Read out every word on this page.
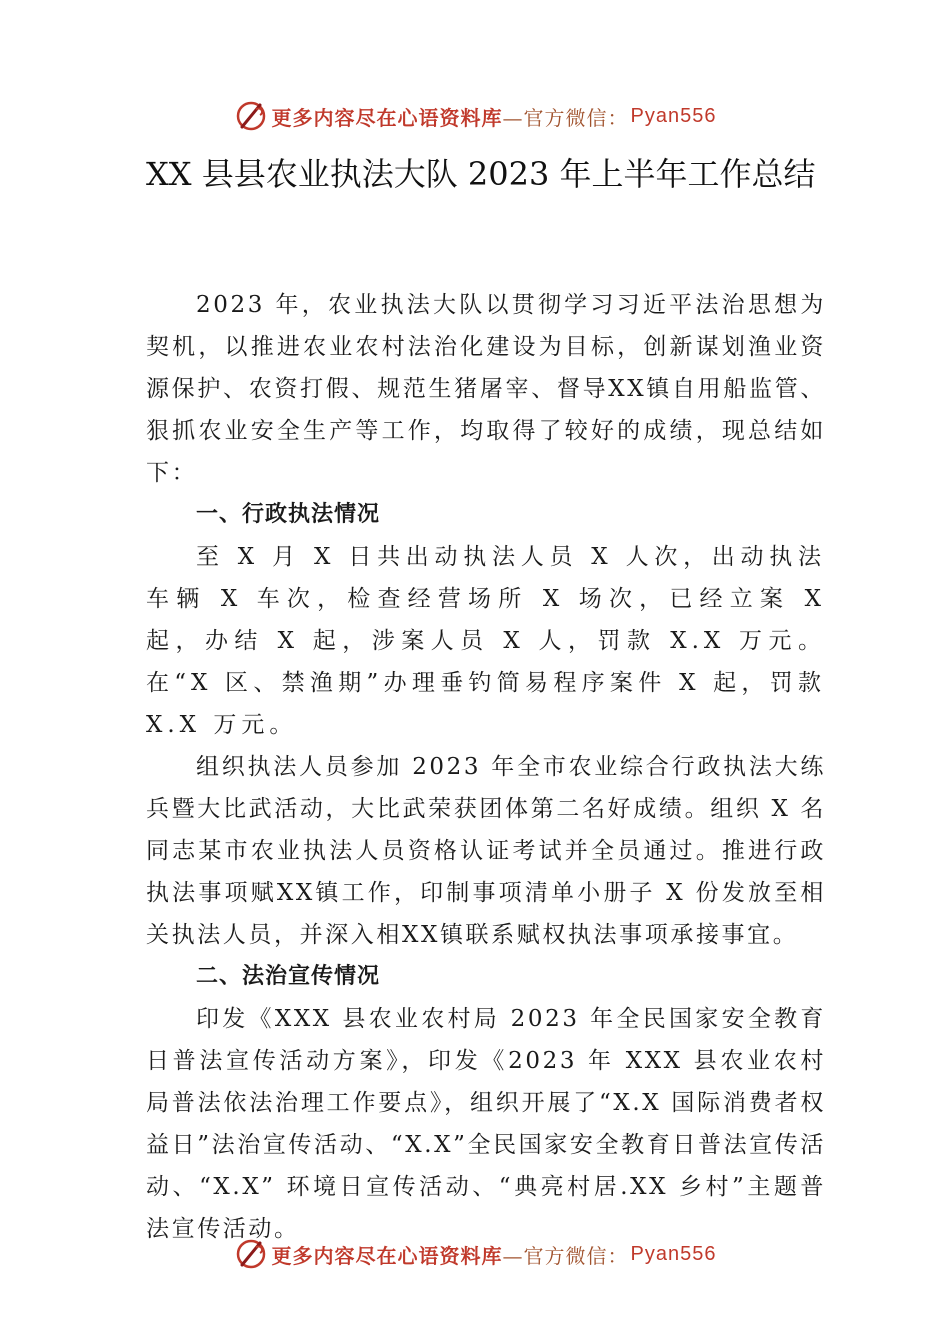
更多内容尽在心语资料库 —官方微信： Pyan556
XX 县县农业执法大队 2023 年上半年工作总结

2023 年，农业执法大队以贯彻学习习近平法治思想为契机，以推进农业农村法治化建设为目标，创新谋划渔业资源保护、农资打假、规范生猪屠宰、督导XX镇自用船监管、狠抓农业安全生产等工作，均取得了较好的成绩，现总结如下：

一、行政执法情况

至 X 月 X 日共出动执法人员 X 人次，出动执法车辆 X 车次，检查经营场所 X 场次，已经立案 X 起，办结 X 起，涉案人员 X 人，罚款 X.X 万元。在“X 区、禁渔期”办理垂钓简易程序案件 X 起，罚款 X.X 万元。

组织执法人员参加 2023 年全市农业综合行政执法大练兵暨大比武活动，大比武荣获团体第二名好成绩。组织 X 名同志某市农业执法人员资格认证考试并全员通过。推进行政执法事项赋XX镇工作，印制事项清单小册子 X 份发放至相关执法人员，并深入相XX镇联系赋权执法事项承接事宜。

二、法治宣传情况

印发《XXX 县农业农村局 2023 年全民国家安全教育日普法宣传活动方案》，印发《2023 年 XXX 县农业农村局普法依法治理工作要点》，组织开展了“X.X 国际消费者权益日”法治宣传活动、“X.X”全民国家安全教育日普法宣传活动、“X.X” 环境日宣传活动、“典亮村居.XX 乡村”主题普法宣传活动。

更多内容尽在心语资料库 —官方微信： Pyan556
